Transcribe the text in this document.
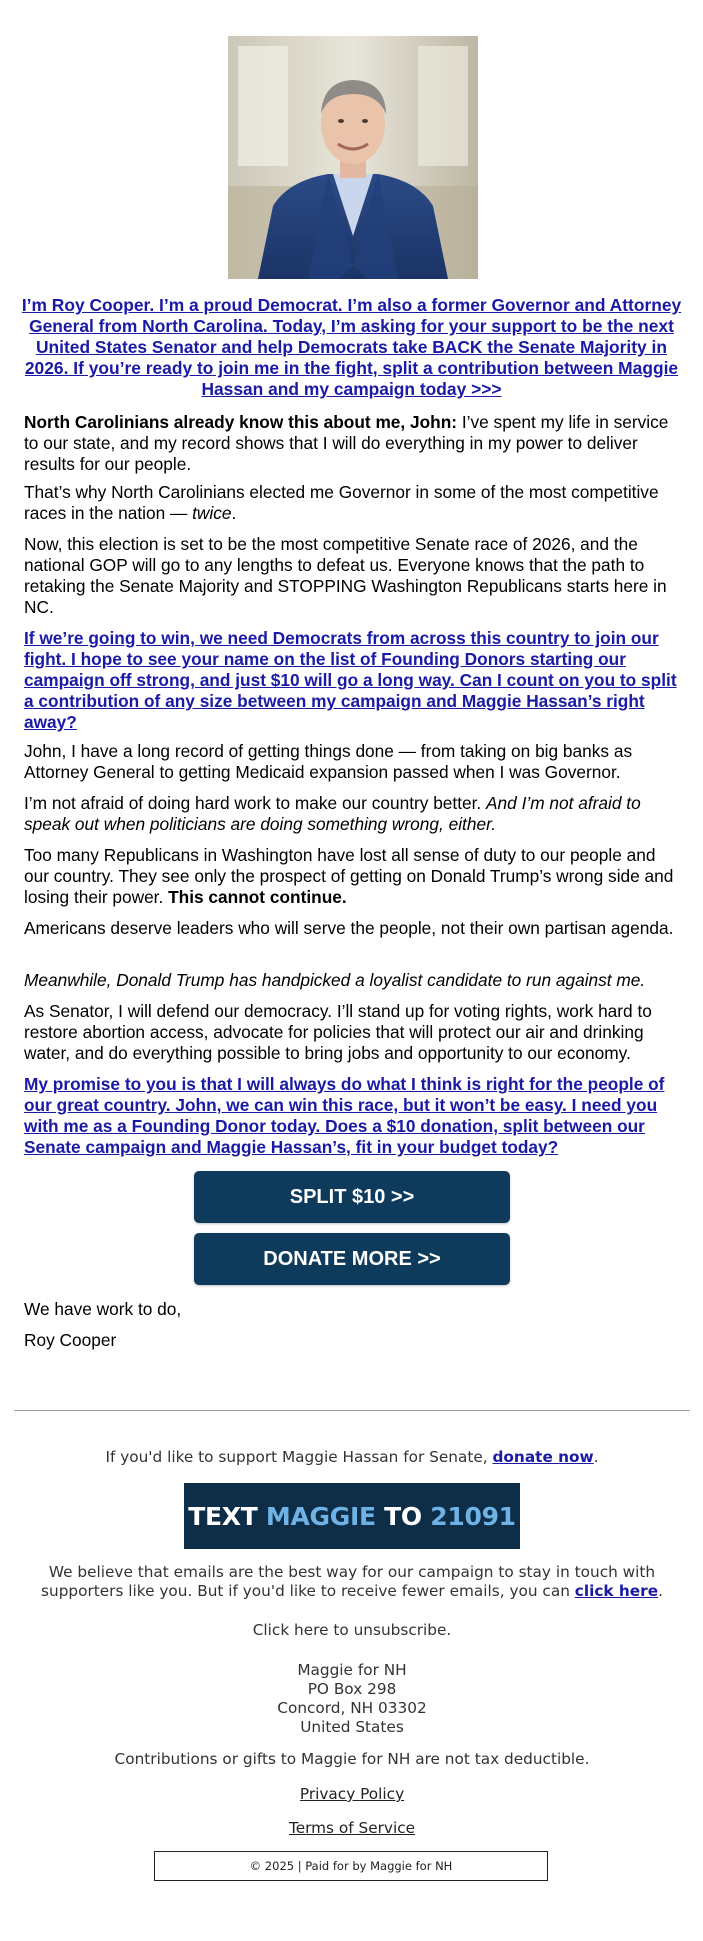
I’m Roy Cooper. I’m a proud Democrat. I’m also a former Governor and Attorney General from North Carolina. Today, I’m asking for your support to be the next United States Senator and help Democrats take BACK the Senate Majority in 2026. If you’re ready to join me in the fight, split a contribution between Maggie Hassan and my campaign today >>>

North Carolinians already know this about me, John: I’ve spent my life in service to our state, and my record shows that I will do everything in my power to deliver results for our people.

That’s why North Carolinians elected me Governor in some of the most competitive races in the nation — twice.

Now, this election is set to be the most competitive Senate race of 2026, and the national GOP will go to any lengths to defeat us. Everyone knows that the path to retaking the Senate Majority and STOPPING Washington Republicans starts here in NC.

If we’re going to win, we need Democrats from across this country to join our fight. I hope to see your name on the list of Founding Donors starting our campaign off strong, and just $10 will go a long way. Can I count on you to split a contribution of any size between my campaign and Maggie Hassan’s right away?

John, I have a long record of getting things done — from taking on big banks as Attorney General to getting Medicaid expansion passed when I was Governor.

I’m not afraid of doing hard work to make our country better. And I’m not afraid to speak out when politicians are doing something wrong, either.

Too many Republicans in Washington have lost all sense of duty to our people and our country. They see only the prospect of getting on Donald Trump’s wrong side and losing their power. This cannot continue.

Americans deserve leaders who will serve the people, not their own partisan agenda.

Meanwhile, Donald Trump has handpicked a loyalist candidate to run against me.

As Senator, I will defend our democracy. I’ll stand up for voting rights, work hard to restore abortion access, advocate for policies that will protect our air and drinking water, and do everything possible to bring jobs and opportunity to our economy.

My promise to you is that I will always do what I think is right for the people of our great country. John, we can win this race, but it won’t be easy. I need you with me as a Founding Donor today. Does a $10 donation, split between our Senate campaign and Maggie Hassan’s, fit in your budget today?

SPLIT $10 >>
DONATE MORE >>

We have work to do,

Roy Cooper

If you'd like to support Maggie Hassan for Senate, donate now.
TEXT
MAGGIE
TO
21091
We believe that emails are the best way for our campaign to stay in touch with supporters like you. But if you'd like to receive fewer emails, you can click here.
Click here to unsubscribe.
Maggie for NH
PO Box 298
Concord, NH 03302
United States
Contributions or gifts to Maggie for NH are not tax deductible.
Privacy Policy
Terms of Service
© 2025 | Paid for by Maggie for NH
